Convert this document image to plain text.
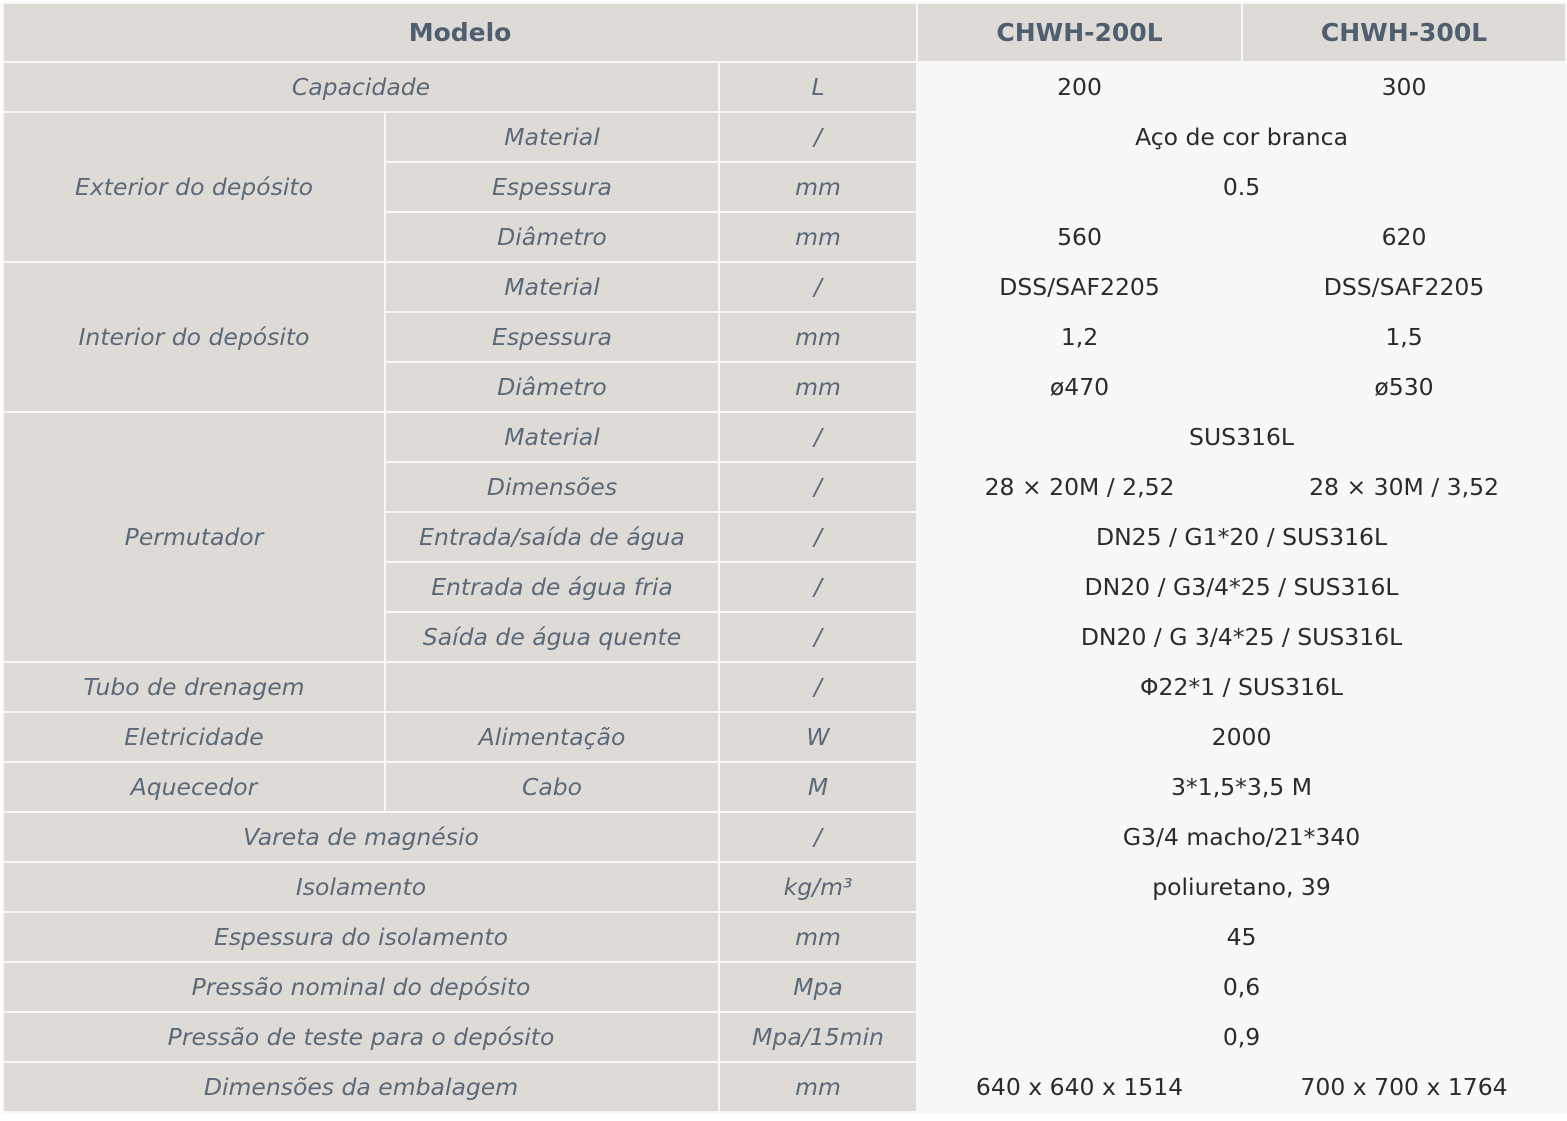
Modelo			CHWH-200L	CHWH-300L
Capacidade		L	200	300
Exterior do depósito	Material	/	Aço de cor branca	
	Espessura	mm	0.5	
	Diâmetro	mm	560	620
Interior do depósito	Material	/	DSS/SAF2205	DSS/SAF2205
	Espessura	mm	1,2	1,5
	Diâmetro	mm	ø470	ø530
Permutador	Material	/	SUS316L	
	Dimensões	/	28 × 20M / 2,52	28 × 30M / 3,52
	Entrada/saída de água	/	DN25 / G1*20 / SUS316L	
	Entrada de água fria	/	DN20 / G3/4*25 / SUS316L	
	Saída de água quente	/	DN20 / G 3/4*25 / SUS316L	
Tubo de drenagem		/	Φ22*1 / SUS316L	
Eletricidade	Alimentação	W	2000	
Aquecedor	Cabo	M	3*1,5*3,5 M	
Vareta de magnésio		/	G3/4 macho/21*340	
Isolamento		kg/m³	poliuretano, 39	
Espessura do isolamento		mm	45	
Pressão nominal do depósito		Mpa	0,6	
Pressão de teste para o depósito		Mpa/15min	0,9	
Dimensões da embalagem		mm	640 x 640 x 1514	700 x 700 x 1764
